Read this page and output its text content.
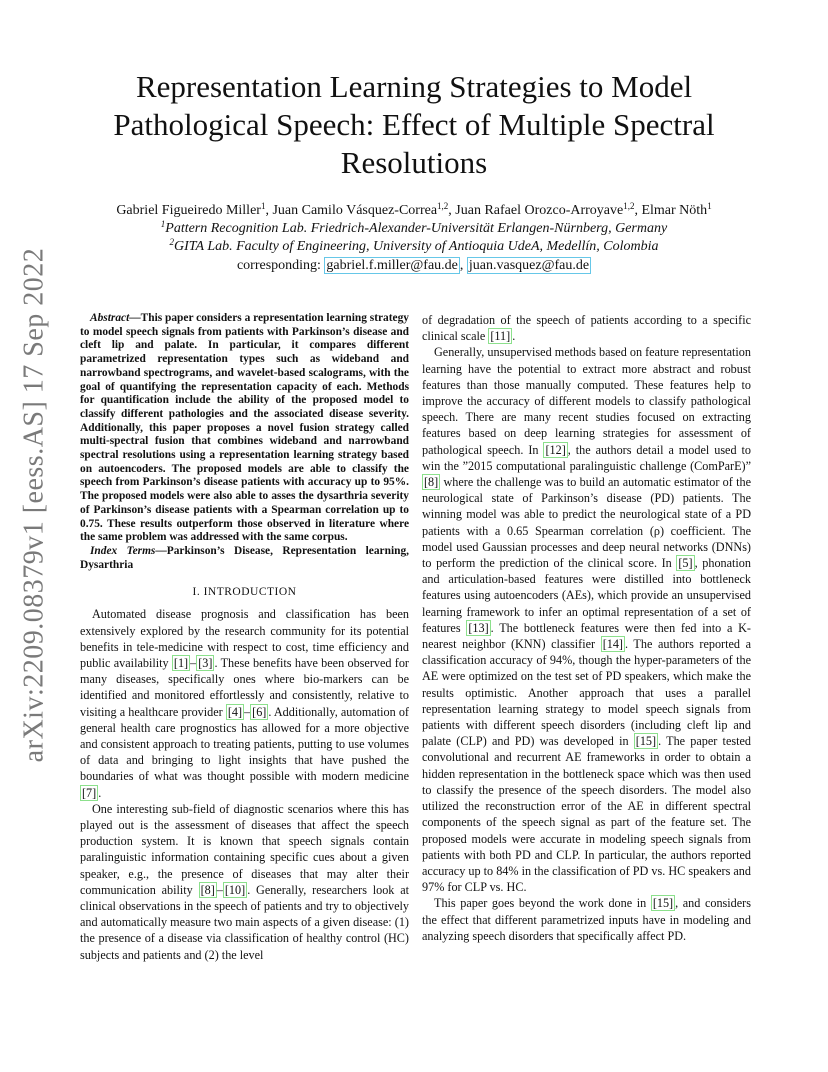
arXiv:2209.08379v1 [eess.AS] 17 Sep 2022
Representation Learning Strategies to Model
Pathological Speech: Effect of Multiple Spectral
Resolutions
Gabriel Figueiredo Miller$^1$, Juan Camilo Vásquez-Correa$^{1,2}$, Juan Rafael Orozco-Arroyave$^{1,2}$, Elmar Nöth$^1$
$^1$Pattern Recognition Lab. Friedrich-Alexander-Universität Erlangen-Nürnberg, Germany
$^2$GITA Lab. Faculty of Engineering, University of Antioquia UdeA, Medellín, Colombia
corresponding: gabriel.f.miller@fau.de , juan.vasquez@fau.de

Abstract—This paper considers a representation learning strategy to model speech signals from patients with Parkinson’s disease and cleft lip and palate. In particular, it compares different parametrized representation types such as wideband and narrowband spectrograms, and wavelet-based scalograms, with the goal of quantifying the representation capacity of each. Methods for quantification include the ability of the proposed model to classify different pathologies and the associated disease severity. Additionally, this paper proposes a novel fusion strategy called multi-spectral fusion that combines wideband and narrowband spectral resolutions using a representation learning strategy based on autoencoders. The proposed models are able to classify the speech from Parkinson’s disease patients with accuracy up to 95%. The proposed models were also able to asses the dysarthria severity of Parkinson’s disease patients with a Spearman correlation up to 0.75. These results outperform those observed in literature where the same problem was addressed with the same corpus.

Index Terms—Parkinson’s Disease, Representation learning, Dysarthria

I. INTRODUCTION

Automated disease prognosis and classification has been extensively explored by the research community for its potential benefits in tele-medicine with respect to cost, time efficiency and public availability [1] – [3] . These benefits have been observed for many diseases, specifically ones where bio-markers can be identified and monitored effortlessly and consistently, relative to visiting a healthcare provider [4] – [6] . Additionally, automation of general health care prognostics has allowed for a more objective and consistent approach to treating patients, putting to use volumes of data and bringing to light insights that have pushed the boundaries of what was thought possible with modern medicine [7] .

One interesting sub-field of diagnostic scenarios where this has played out is the assessment of diseases that affect the speech production system. It is known that speech signals contain paralinguistic information containing specific cues about a given speaker, e.g., the presence of diseases that may alter their communication ability [8] – [10] . Generally, researchers look at clinical observations in the speech of patients and try to objectively and automatically measure two main aspects of a given disease: (1) the presence of a disease via classification of healthy control (HC) subjects and patients and (2) the level

of degradation of the speech of patients according to a specific clinical scale [11] .

Generally, unsupervised methods based on feature representation learning have the potential to extract more abstract and robust features than those manually computed. These features help to improve the accuracy of different models to classify pathological speech. There are many recent studies focused on extracting features based on deep learning strategies for assessment of pathological speech. In [12] , the authors detail a model used to win the ”2015 computational paralinguistic challenge (ComParE)” [8] where the challenge was to build an automatic estimator of the neurological state of Parkinson’s disease (PD) patients. The winning model was able to predict the neurological state of a PD patients with a 0.65 Spearman correlation (ρ) coefficient. The model used Gaussian processes and deep neural networks (DNNs) to perform the prediction of the clinical score. In [5] , phonation and articulation-based features were distilled into bottleneck features using autoencoders (AEs), which provide an unsupervised learning framework to infer an optimal representation of a set of features [13] . The bottleneck features were then fed into a K-nearest neighbor (KNN) classifier [14] . The authors reported a classification accuracy of 94%, though the hyper-parameters of the AE were optimized on the test set of PD speakers, which make the results optimistic. Another approach that uses a parallel representation learning strategy to model speech signals from patients with different speech disorders (including cleft lip and palate (CLP) and PD) was developed in [15] . The paper tested convolutional and recurrent AE frameworks in order to obtain a hidden representation in the bottleneck space which was then used to classify the presence of the speech disorders. The model also utilized the reconstruction error of the AE in different spectral components of the speech signal as part of the feature set. The proposed models were accurate in modeling speech signals from patients with both PD and CLP. In particular, the authors reported accuracy up to 84% in the classification of PD vs. HC speakers and 97% for CLP vs. HC.

This paper goes beyond the work done in [15] , and considers the effect that different parametrized inputs have in modeling and analyzing speech disorders that specifically affect PD.
